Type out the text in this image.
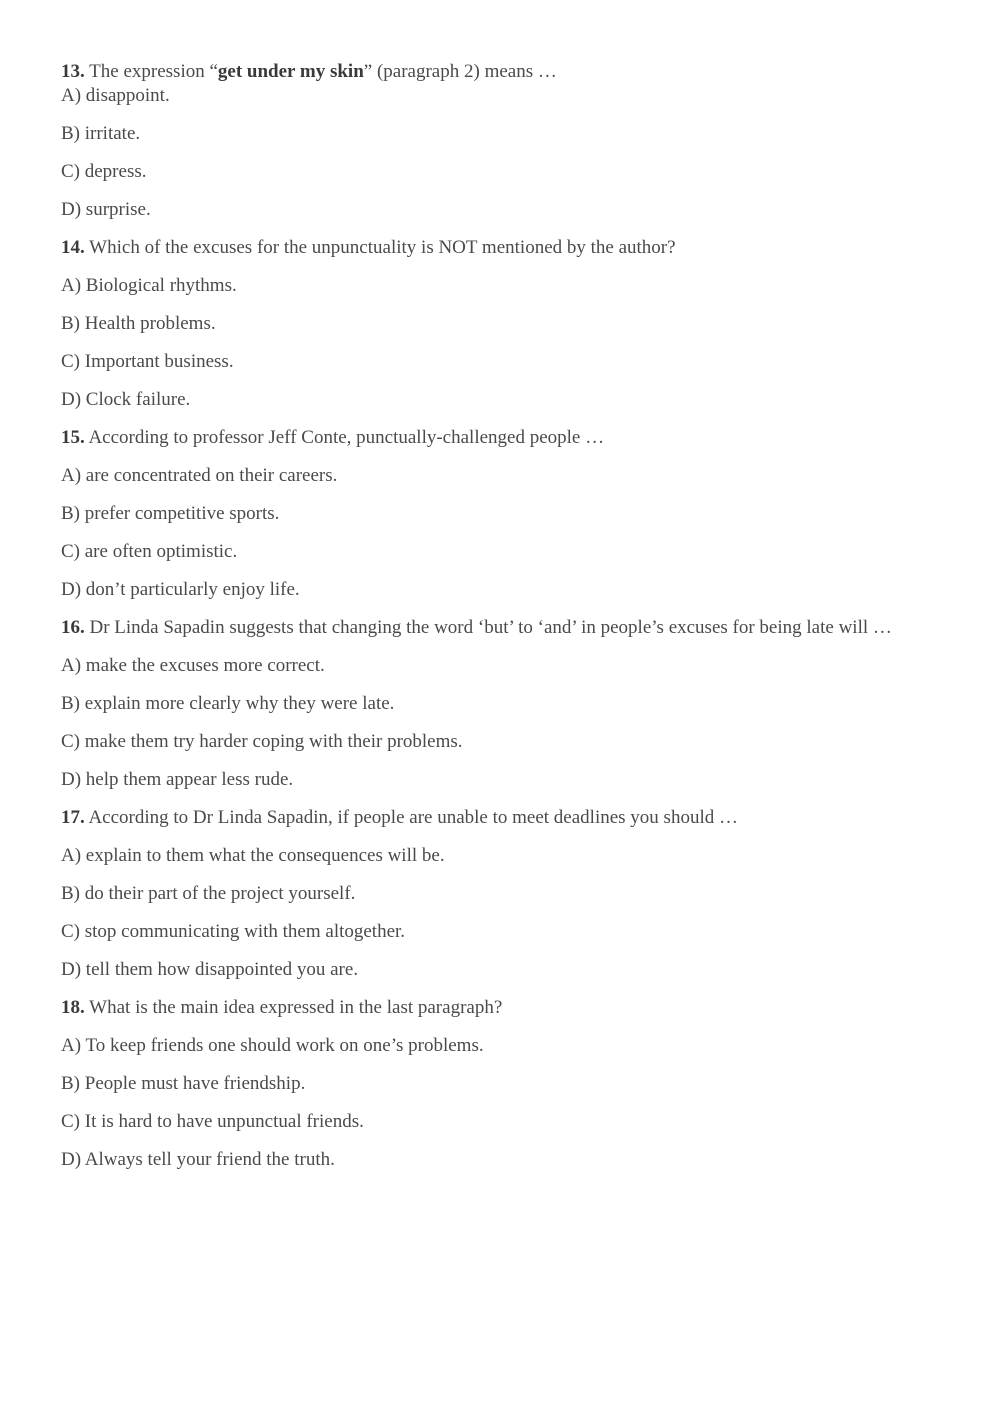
13. The expression “get under my skin” (paragraph 2) means …

A) disappoint.

B) irritate.

C) depress.

D) surprise.

14. Which of the excuses for the unpunctuality is NOT mentioned by the author?

A) Biological rhythms.

B) Health problems.

C) Important business.

D) Clock failure.

15. According to professor Jeff Conte, punctually-challenged people …

A) are concentrated on their careers.

B) prefer competitive sports.

C) are often optimistic.

D) don’t particularly enjoy life.

16. Dr Linda Sapadin suggests that changing the word ‘but’ to ‘and’ in people’s excuses for being late will …

A) make the excuses more correct.

B) explain more clearly why they were late.

C) make them try harder coping with their problems.

D) help them appear less rude.

17. According to Dr Linda Sapadin, if people are unable to meet deadlines you should …

A) explain to them what the consequences will be.

B) do their part of the project yourself.

C) stop communicating with them altogether.

D) tell them how disappointed you are.

18. What is the main idea expressed in the last paragraph?

A) To keep friends one should work on one’s problems.

B) People must have friendship.

C) It is hard to have unpunctual friends.

D) Always tell your friend the truth.
